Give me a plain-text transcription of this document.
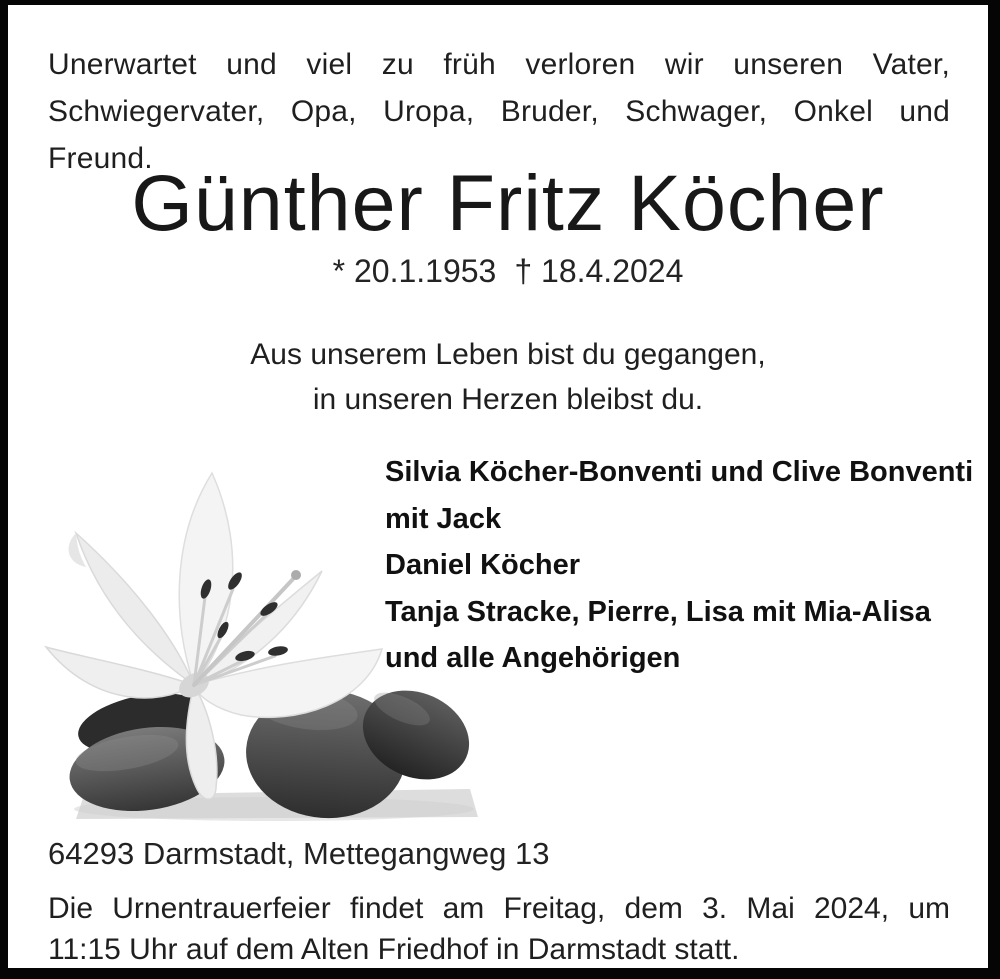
Unerwartet und viel zu früh verloren wir unseren Vater,
Schwiegervater, Opa, Uropa, Bruder, Schwager, Onkel und Freund.
Günther Fritz Köcher
* 20.1.1953 † 18.4.2024
Aus unserem Leben bist du gegangen,
in unseren Herzen bleibst du.
Silvia Köcher-Bonventi und Clive Bonventi
mit Jack
Daniel Köcher
Tanja Stracke, Pierre, Lisa mit Mia-Alisa
und alle Angehörigen
64293 Darmstadt, Mettegangweg 13
Die Urnentrauerfeier findet am Freitag, dem 3. Mai 2024, um
11:15 Uhr auf dem Alten Friedhof in Darmstadt statt.
